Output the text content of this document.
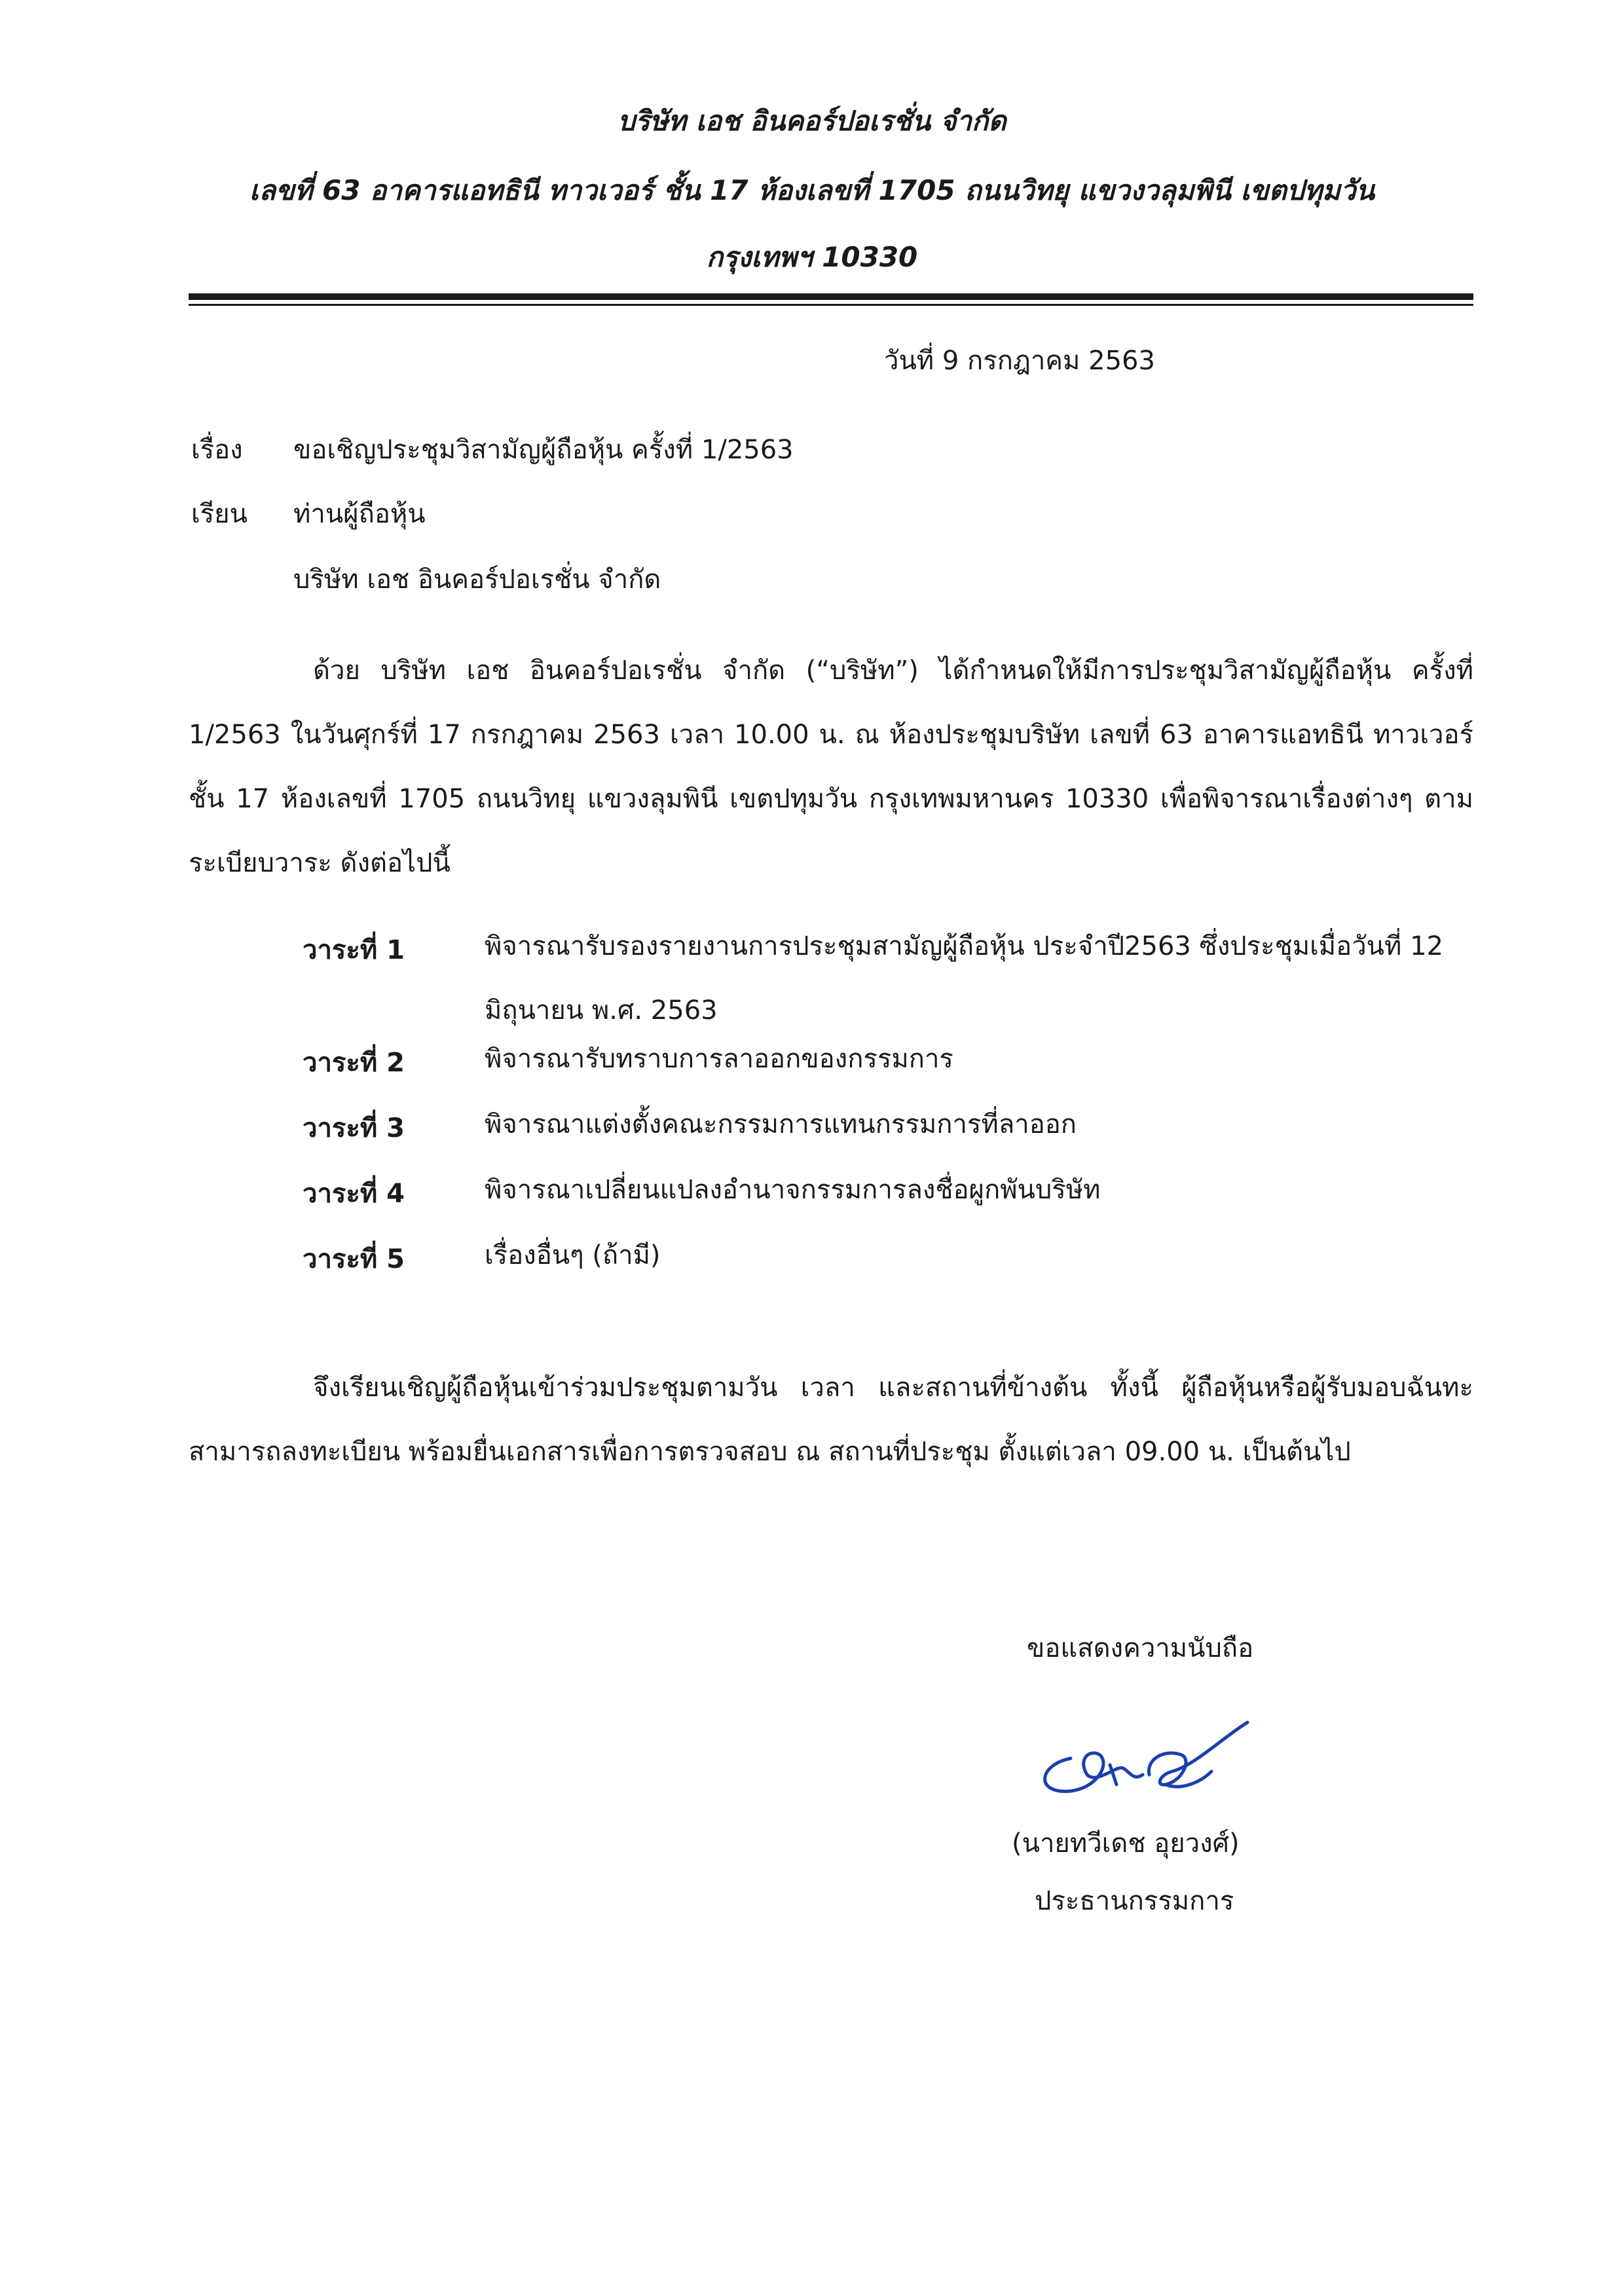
บริษัท เอช อินคอร์ปอเรชั่น จำกัด
เลขที่ 63 อาคารแอทธินี ทาวเวอร์ ชั้น 17 ห้องเลขที่ 1705 ถนนวิทยุ แขวงวลุมพินี เขตปทุมวัน
กรุงเทพฯ 10330
วันที่ 9 กรกฎาคม 2563
เรื่อง ขอเชิญประชุมวิสามัญผู้ถือหุ้น ครั้งที่ 1/2563
เรียน ท่านผู้ถือหุ้น
บริษัท เอช อินคอร์ปอเรชั่น จำกัด
ด้วย บริษัท เอช อินคอร์ปอเรชั่น จำกัด (“บริษัท”) ได้กำหนดให้มีการประชุมวิสามัญผู้ถือหุ้น ครั้งที่ 1/2563 ในวันศุกร์ที่ 17 กรกฎาคม 2563 เวลา 10.00 น. ณ ห้องประชุมบริษัท เลขที่ 63 อาคารแอทธินี ทาวเวอร์ ชั้น 17 ห้องเลขที่ 1705 ถนนวิทยุ แขวงลุมพินี เขตปทุมวัน กรุงเทพมหานคร 10330 เพื่อพิจารณาเรื่องต่างๆ ตามระเบียบวาระ ดังต่อไปนี้
วาระที่ 1	พิจารณารับรองรายงานการประชุมสามัญผู้ถือหุ้น ประจำปี2563 ซึ่งประชุมเมื่อวันที่ 12 มิถุนายน พ.ศ. 2563
วาระที่ 2	พิจารณารับทราบการลาออกของกรรมการ
วาระที่ 3	พิจารณาแต่งตั้งคณะกรรมการแทนกรรมการที่ลาออก
วาระที่ 4	พิจารณาเปลี่ยนแปลงอำนาจกรรมการลงชื่อผูกพันบริษัท
วาระที่ 5	เรื่องอื่นๆ (ถ้ามี)
จึงเรียนเชิญผู้ถือหุ้นเข้าร่วมประชุมตามวัน เวลา และสถานที่ข้างต้น ทั้งนี้ ผู้ถือหุ้นหรือผู้รับมอบฉันทะสามารถลงทะเบียน พร้อมยื่นเอกสารเพื่อการตรวจสอบ ณ สถานที่ประชุม ตั้งแต่เวลา 09.00 น. เป็นต้นไป
ขอแสดงความนับถือ
(นายทวีเดช อุยวงศ์)
ประธานกรรมการ
